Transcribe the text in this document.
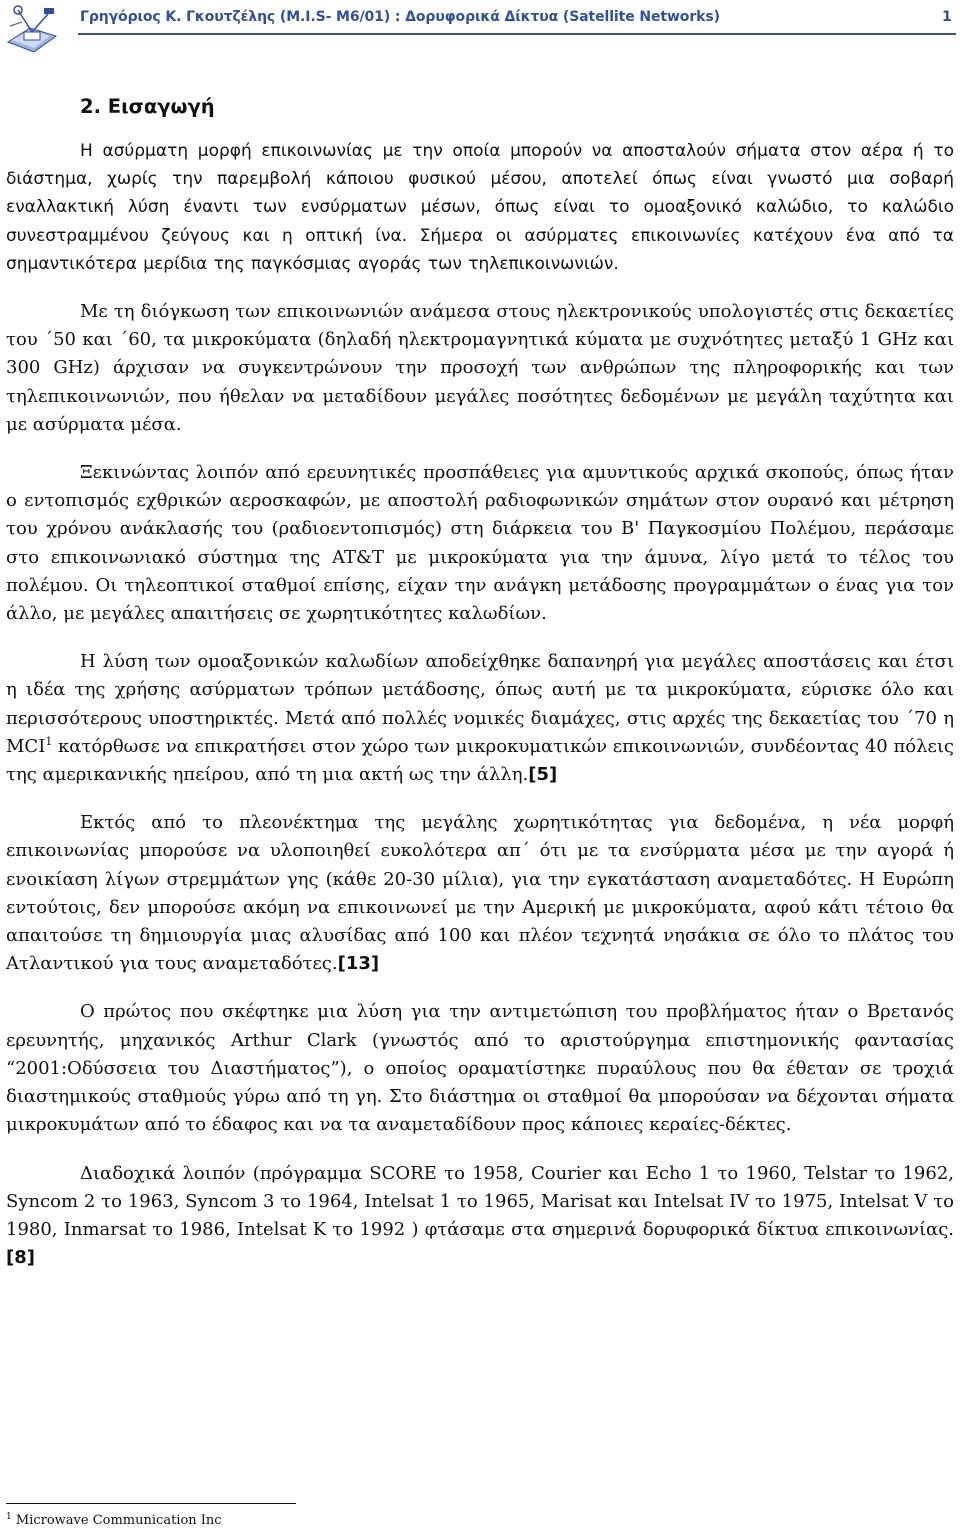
Γρηγόριος Κ. Γκουτζέλης (Μ.Ι.S- Μ6/01) : Δορυφορικά Δίκτυα (Satellite Networks)	1
2. Εισαγωγή

Η ασύρματη μορφή επικοινωνίας με την οποία μπορούν να αποσταλούν σήματα στον αέρα ή το διάστημα, χωρίς την παρεμβολή κάποιου φυσικού μέσου, αποτελεί όπως είναι γνωστό μια σοβαρή εναλλακτική λύση έναντι των ενσύρματων μέσων, όπως είναι το ομοαξονικό καλώδιο, το καλώδιο συνεστραμμένου ζεύγους και η οπτική ίνα. Σήμερα οι ασύρματες επικοινωνίες κατέχουν ένα από τα σημαντικότερα μερίδια της παγκόσμιας αγοράς των τηλεπικοινωνιών.

Με τη διόγκωση των επικοινωνιών ανάμεσα στους ηλεκτρονικούς υπολογιστές στις δεκαετίες του ΄50 και ΄60, τα μικροκύματα (δηλαδή ηλεκτρομαγνητικά κύματα με συχνότητες μεταξύ 1 GHz και 300 GHz) άρχισαν να συγκεντρώνουν την προσοχή των ανθρώπων της πληροφορικής και των τηλεπικοινωνιών, που ήθελαν να μεταδίδουν μεγάλες ποσότητες δεδομένων με μεγάλη ταχύτητα και με ασύρματα μέσα.

Ξεκινώντας λοιπόν από ερευνητικές προσπάθειες για αμυντικούς αρχικά σκοπούς, όπως ήταν ο εντοπισμός εχθρικών αεροσκαφών, με αποστολή ραδιοφωνικών σημάτων στον ουρανό και μέτρηση του χρόνου ανάκλασής του (ραδιοεντοπισμός) στη διάρκεια του Β' Παγκοσμίου Πολέμου, περάσαμε στο επικοινωνιακό σύστημα της AT&T με μικροκύματα για την άμυνα, λίγο μετά το τέλος του πολέμου. Οι τηλεοπτικοί σταθμοί επίσης, είχαν την ανάγκη μετάδοσης προγραμμάτων ο ένας για τον άλλο, με μεγάλες απαιτήσεις σε χωρητικότητες καλωδίων.

Η λύση των ομοαξονικών καλωδίων αποδείχθηκε δαπανηρή για μεγάλες αποστάσεις και έτσι η ιδέα της χρήσης ασύρματων τρόπων μετάδοσης, όπως αυτή με τα μικροκύματα, εύρισκε όλο και περισσότερους υποστηρικτές. Μετά από πολλές νομικές διαμάχες, στις αρχές της δεκαετίας του ΄70 η MCI$^1$ κατόρθωσε να επικρατήσει στον χώρο των μικροκυματικών επικοινωνιών, συνδέοντας 40 πόλεις της αμερικανικής ηπείρου, από τη μια ακτή ως την άλλη.[5]

Εκτός από το πλεονέκτημα της μεγάλης χωρητικότητας για δεδομένα, η νέα μορφή επικοινωνίας μπορούσε να υλοποιηθεί ευκολότερα απ΄ ότι με τα ενσύρματα μέσα με την αγορά ή ενοικίαση λίγων στρεμμάτων γης (κάθε 20-30 μίλια), για την εγκατάσταση αναμεταδότες. Η Ευρώπη εντούτοις, δεν μπορούσε ακόμη να επικοινωνεί με την Αμερική με μικροκύματα, αφού κάτι τέτοιο θα απαιτούσε τη δημιουργία μιας αλυσίδας από 100 και πλέον τεχνητά νησάκια σε όλο το πλάτος του Ατλαντικού για τους αναμεταδότες.[13]

Ο πρώτος που σκέφτηκε μια λύση για την αντιμετώπιση του προβλήματος ήταν ο Βρετανός ερευνητής, μηχανικός Arthur Clark (γνωστός από το αριστούργημα επιστημονικής φαντασίας “2001:Οδύσσεια του Διαστήματος”), ο οποίος οραματίστηκε πυραύλους που θα έθεταν σε τροχιά διαστημικούς σταθμούς γύρω από τη γη. Στο διάστημα οι σταθμοί θα μπορούσαν να δέχονται σήματα μικροκυμάτων από το έδαφος και να τα αναμεταδίδουν προς κάποιες κεραίες-δέκτες.

Διαδοχικά λοιπόν (πρόγραμμα SCORE το 1958, Courier και Echo 1 το 1960, Telstar το 1962, Syncom 2 το 1963, Syncom 3 το 1964, Intelsat 1 το 1965, Marisat και Intelsat IV το 1975, Intelsat V το 1980, Inmarsat το 1986, Intelsat K το 1992 ) φτάσαμε στα σημερινά δορυφορικά δίκτυα επικοινωνίας.[8]

$^1$ Microwave Communication Inc
